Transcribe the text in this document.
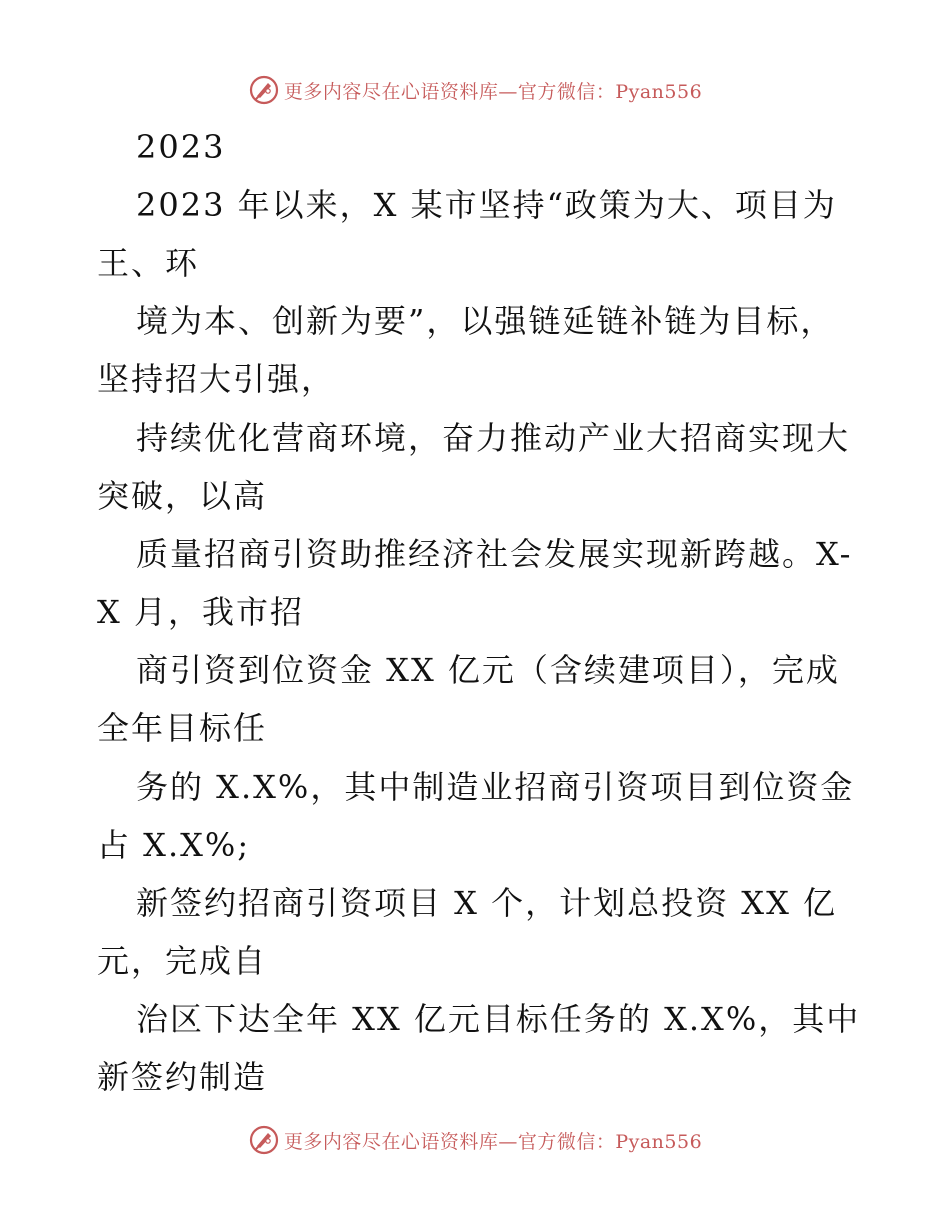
更多内容尽在心语资料库—官方微信：Pyan556
2023
2023 年以来，X 某市坚持“政策为大、项目为
王、环
境为本、创新为要”，以强链延链补链为目标，
坚持招大引强，
持续优化营商环境，奋力推动产业大招商实现大
突破，以高
质量招商引资助推经济社会发展实现新跨越。X-
X 月，我市招
商引资到位资金 XX 亿元（含续建项目），完成
全年目标任
务的 X.X%，其中制造业招商引资项目到位资金
占 X.X%;
新签约招商引资项目 X 个，计划总投资 XX 亿
元，完成自
治区下达全年 XX 亿元目标任务的 X.X%，其中
新签约制造
更多内容尽在心语资料库—官方微信：Pyan556
